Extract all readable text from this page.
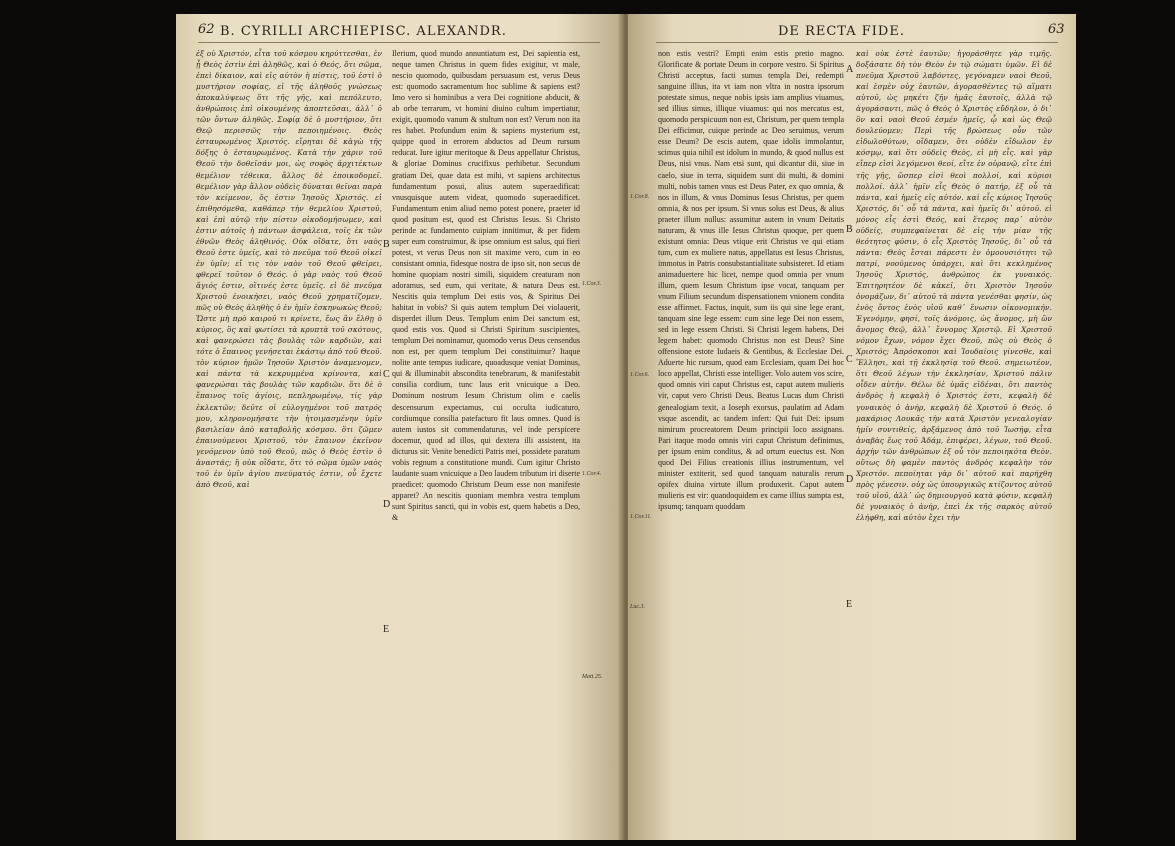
62 B. CYRILLI ARCHIEPISC. ALEXANDR.

ἐξ οὐ Χριστόν, εἶτα τοῦ κόσμου κηρύττεσθαι, ἐν ᾗ Θεὸς ἐστὶν ἐπὶ ἀληθῶς, καὶ ὁ Θεός, ὅτι σῶμα, ἐπεὶ δίκαιον, καὶ εἰς αὐτὸν ἡ πίστις, τοῦ ἐστὶ ὁ μυστήριον σοφίας, εἰ τῆς ἀληθοῦς γνώσεως ἀποκαλύψεως ὅτι τῆς γῆς, καὶ πεπόλευτο, ἀνθρώποις ἐπὶ οἰκουμένης ἀποπτεῦσαι, ἀλλ᾽ ὁ τῶν ὄντων ἀληθῶς. Σοφίᾳ δὲ ὁ μυστήριον, ὅτι Θεῷ περισσῶς τὴν πεποιημένοις. Θεὸς ἐσταυρωμένος Χριστός. εἴρηται δὲ κἀγὼ τῆς δόξης ὁ ἐσταυρωμένος. Κατὰ τὴν χάριν τοῦ Θεοῦ τὴν δοθεῖσάν μοι, ὡς σοφὸς ἀρχιτέκτων θεμέλιον τέθεικα, ἄλλος δὲ ἐποικοδομεῖ. θεμέλιον γὰρ ἄλλον οὐδεὶς δύναται θεῖναι παρὰ τὸν κείμενον, ὅς ἐστιν Ἰησοῦς Χριστός. εἰ ἐπιθησόμεθα, καθάπερ τὴν θεμελίου Χριστοῦ, καὶ ἐπὶ αὐτῷ τὴν πίστιν οἰκοδομήσωμεν, καὶ ἐστιν αὐτοῖς ἡ πάντων ἀσφάλεια, τοῖς ἐκ τῶν ἐθνῶν Θεὸς ἀληθινός. Οὐκ οἴδατε, ὅτι ναὸς Θεοῦ ἐστε ὑμεῖς, καὶ τὸ πνεῦμα τοῦ Θεοῦ οἰκεῖ ἐν ὑμῖν; εἴ τις τὸν ναὸν τοῦ Θεοῦ φθείρει, φθερεῖ τοῦτον ὁ Θεός. ὁ γὰρ ναὸς τοῦ Θεοῦ ἅγιός ἐστιν, οἵτινές ἐστε ὑμεῖς. εἰ δὲ πνεῦμα Χριστοῦ ἐνοικήσει, ναὸς Θεοῦ χρηματίζομεν, πῶς οὐ Θεὸς ἀληθὴς ὁ ἐν ἡμῖν ἐσκηνωκὼς Θεοῦ; Ὥστε μὴ πρὸ καιροῦ τι κρίνετε, ἕως ἂν ἔλθῃ ὁ κύριος, ὃς καὶ φωτίσει τὰ κρυπτὰ τοῦ σκότους, καὶ φανερώσει τὰς βουλὰς τῶν καρδιῶν, καὶ τότε ὁ ἔπαινος γενήσεται ἑκάστῳ ἀπὸ τοῦ Θεοῦ. τὸν κύριον ἡμῶν Ἰησοῦν Χριστὸν ἀναμενομεν, καὶ πάντα τὰ κεκρυμμένα κρίνοντα, καὶ φανερώσαι τὰς βουλὰς τῶν καρδιῶν. ὅτι δὲ ὁ ἔπαινος τοῖς ἁγίοις, πεπληρωμένῳ, τίς γὰρ ἐκλεκτῶν; δεῦτε οἱ εὐλογημένοι τοῦ πατρός μου, κληρονομήσατε τὴν ἡτοιμασμένην ὑμῖν βασιλείαν ἀπὸ καταβολῆς κόσμου. ὅτι ζῶμεν ἐπαινούμενοι Χριστοῦ, τὸν ἔπαινον ἐκεῖνον γενόμενον ὑπὸ τοῦ Θεοῦ, πῶς ὁ Θεὸς ἐστὶν ὁ ἀναστάς; ἢ οὐκ οἴδατε, ὅτι τὸ σῶμα ὑμῶν ναὸς τοῦ ἐν ὑμῖν ἁγίου πνεύματός ἐστιν, οὗ ἔχετε ἀπὸ Θεοῦ, καὶ

Ilerium, quod mundo annuntiatum est, Dei sapientia est, neque tamen Christus in quem fides exigitur, vt male, nescio quomodo, quibusdam persuasum est, verus Deus est: quomodo sacramentum hoc sublime & sapiens est? Imo vero si hominibus a vera Dei cognitione abducit, & ab orbe terrarum, vt homini diuino cultum impertiatur, exigit, quomodo vanum & stultum non est? Verum non ita res habet. Profundum enim & sapiens mysterium est, quippe quod in errorem abductos ad Deum rursum reducat. Iure igitur meritoque & Deus appellatur Christus, & gloriae Dominus crucifixus perhibetur. Secundum gratiam Dei, quae data est mihi, vt sapiens architectus fundamentum posui, alius autem superaedificat: vnusquisque autem videat, quomodo superaedificet. Fundamentum enim aliud nemo potest ponere, praeter id quod positum est, quod est Christus Iesus. Si Christo perinde ac fundamento cuipiam innitimur, & per fidem super eum construimur, & ipse omnium est salus, qui fieri potest, vt verus Deus non sit maxime vero, cum in eo consistant omnia, fidesque nostra de ipso sit, non secus de homine quopiam nostri simili, siquidem creaturam non adoramus, sed eum, qui veritate, & natura Deus est. Nescitis quia templum Dei estis vos, & Spiritus Dei habitat in vobis? Si quis autem templum Dei violauerit, disperdet illum Deus. Templum enim Dei sanctum est, quod estis vos. Quod si Christi Spiritum suscipientes, templum Dei nominamur, quomodo verus Deus censendus non est, per quem templum Dei constituimur? Itaque nolite ante tempus iudicare, quoadusque veniat Dominus, qui & illuminabit abscondita tenebrarum, & manifestabit consilia cordium, tunc laus erit vnicuique a Deo. Dominum nostrum Iesum Christum olim e caelis descensurum expectamus, cui occulta iudicaturo, cordiumque consilia patefacturo fit laus omnes. Quod is autem iustos sit commendaturus, vel inde perspicere docemur, quod ad illos, qui dextera illi assistent, ita dicturus sit: Venite benedicti Patris mei, possidete paratum vobis regnum a constitutione mundi. Cum igitur Christo laudante suam vnicuique a Deo laudem tributum iri diserte praedicet: quomodo Christum Deum esse non manifeste apparet? An nescitis quoniam membra vestra templum sunt Spiritus sancti, qui in vobis est, quem habetis a Deo, &

B
C
D
E
1.Cor.3.
1.Cor.4.
Matt.25.
DE RECTA FIDE.	63

non estis vestri? Empti enim estis pretio magno. Glorificate & portate Deum in corpore vestro. Si Spiritus Christi acceptus, facti sumus templa Dei, redempti sanguine illius, ita vt iam non vltra in nostra ipsorum potestate simus, neque nobis ipsis iam amplius viuamus, sed illius simus, illique viuamus: qui nos mercatus est, quomodo perspicuum non est, Christum, per quem templa Dei efficimur, cuique perinde ac Deo seruimus, verum esse Deum? De escis autem, quae idolis immolantur, scimus quia nihil est idolum in mundo, & quod nullus est Deus, nisi vnus. Nam etsi sunt, qui dicantur dii, siue in caelo, siue in terra, siquidem sunt dii multi, & domini multi, nobis tamen vnus est Deus Pater, ex quo omnia, & nos in illum, & vnus Dominus Iesus Christus, per quem omnia, & nos per ipsum. Si vnus solus est Deus, & alius praeter illum nullus: assumitur autem in vnum Deitatis naturam, & vnus ille Iesus Christus quoque, per quem existunt omnia: Deus vtique erit Christus ve qui etiam tum, cum ex muliere natus, appellatus est Iesus Christus, immotus in Patris consubstantialitate subsisteret. Id etiam animaduertere hic licet, nempe quod omnia per vnum illum, quem Iesum Christum ipse vocat, tanquam per vnum Filium secundum dispensationem vnionem condita esse affirmet. Factus, inquit, sum iis qui sine lege erant, tanquam sine lege essem: cum sine lege Dei non essem, sed in lege essem Christi. Si Christi legem habens, Dei legem habet: quomodo Christus non est Deus? Sine offensione estote Iudaeis & Gentibus, & Ecclesiae Dei. Aduerte hic rursum, quod eam Ecclesiam, quam Dei hoc loco appellat, Christi esse intelliger. Volo autem vos scire, quod omnis viri caput Christus est, caput autem mulieris vir, caput vero Christi Deus. Beatus Lucas dum Christi genealogiam texit, a Ioseph exorsus, paulatim ad Adam vsque ascendit, ac tandem infert: Qui fuit Dei: ipsum nimirum procreatorem Deum principii loco assignans. Pari itaque modo omnis viri caput Christum definimus, per ipsum enim conditus, & ad ortum euectus est. Non quod Dei Filius creationis illius instrumentum, vel minister extiterit, sed quod tanquam naturalis rerum opifex diuina virtute illum produxerit. Caput autem mulieris est vir: quandoquidem ex carne illius sumpta est, ipsumq; tanquam quoddam

καὶ οὐκ ἐστὲ ἑαυτῶν; ἠγοράσθητε γὰρ τιμῆς. δοξάσατε δὴ τὸν Θεὸν ἐν τῷ σώματι ὑμῶν. Εἰ δὲ πνεῦμα Χριστοῦ λαβόντες, γεγόναμεν ναοὶ Θεοῦ, καὶ ἐσμὲν οὐχ ἑαυτῶν, ἀγορασθέντες τῷ αἵματι αὐτοῦ, ὡς μηκέτι ζῆν ἡμᾶς ἑαυτοῖς, ἀλλὰ τῷ ἀγοράσαντι, πῶς ὁ Θεὸς ὁ Χριστὸς εὔδηλον, ὁ δι᾽ ὃν καὶ ναοὶ Θεοῦ ἐσμέν ἡμεῖς, ᾧ καὶ ὡς Θεῷ δουλεύομεν; Περὶ τῆς βρώσεως οὖν τῶν εἰδωλοθύτων, οἴδαμεν, ὅτι οὐδὲν εἴδωλον ἐν κόσμῳ, καὶ ὅτι οὐδεὶς Θεὸς, εἰ μὴ εἷς. καὶ γὰρ εἴπερ εἰσὶ λεγόμενοι θεοί, εἴτε ἐν οὐρανῷ, εἴτε ἐπὶ τῆς γῆς, ὥσπερ εἰσὶ θεοὶ πολλοί, καὶ κύριοι πολλοί. ἀλλ᾽ ἡμῖν εἷς Θεὸς ὁ πατήρ, ἐξ οὗ τὰ πάντα, καὶ ἡμεῖς εἰς αὐτόν. καὶ εἷς κύριος Ἰησοῦς Χριστός, δι᾽ οὗ τὰ πάντα, καὶ ἡμεῖς δι᾽ αὐτοῦ. εἰ μόνος εἷς ἐστὶ Θεός, καὶ ἕτερος παρ᾽ αὐτὸν οὐδείς, συμπεφαίνεται δὲ εἰς τὴν μίαν τῆς θεότητος φύσιν, ὁ εἷς Χριστὸς Ἰησοῦς, δι᾽ οὗ τὰ πάντα: Θεὸς ἔσται πάρεστι ἐν ὁμοουσιότητι τῷ πατρί, νοούμενος ὑπάρχει, καὶ ὅτι κεκλημένος Ἰησοῦς Χριστός, ἀνθρώπος ἐκ γυναικός. Ἐπιτηρητέον δὲ κἀκεῖ, ὅτι Χριστὸν Ἰησοῦν ὀνομάζων, δι᾽ αὐτοῦ τὰ πάντα γενέσθαι φησίν, ὡς ἑνὸς ὄντος ἐνὸς υἱοῦ καθ᾽ ἕνωσιν οἰκονομικήν. Ἐγενόμην, φησί, τοῖς ἀνόμοις, ὡς ἄνομος, μὴ ὢν ἄνομος Θεῷ, ἀλλ᾽ ἔννομος Χριστῷ. Εἰ Χριστοῦ νόμον ἔχων, νόμον ἔχει Θεοῦ, πῶς οὐ Θεὸς ὁ Χριστός; Ἀπρόσκοποι καὶ Ἰουδαίοις γίνεσθε, καὶ Ἕλλησι, καὶ τῇ ἐκκλησίᾳ τοῦ Θεοῦ. σημειωτέον, ὅτι Θεοῦ λέγων τὴν ἐκκλησίαν, Χριστοῦ πάλιν οἶδεν αὐτήν. Θέλω δὲ ὑμᾶς εἰδέναι, ὅτι παντὸς ἀνδρὸς ἡ κεφαλὴ ὁ Χριστός ἐστι, κεφαλὴ δὲ γυναικὸς ὁ ἀνήρ, κεφαλὴ δὲ Χριστοῦ ὁ Θεός. ὁ μακάριος Λουκᾶς τὴν κατὰ Χριστὸν γενεαλογίαν ἡμῖν συντιθείς, ἀρξάμενος ἀπὸ τοῦ Ἰωσήφ, εἶτα ἀναβὰς ἕως τοῦ Ἀδάμ, ἐπιφέρει, λέγων, τοῦ Θεοῦ. ἀρχὴν τῶν ἀνθρώπων ἐξ οὗ τὸν πεποιηκότα Θεὸν. οὕτως δὴ φαμὲν παντὸς ἀνδρὸς κεφαλὴν τὸν Χριστόν. πεποίηται γὰρ δι᾽ αὐτοῦ καὶ παρήχθη πρὸς γένεσιν. οὐχ ὡς ὑπουργικῶς κτίζοντος αὐτοῦ τοῦ υἱοῦ, ἀλλ᾽ ὡς δημιουργοῦ κατὰ φύσιν, κεφαλὴ δὲ γυναικὸς ὁ ἀνήρ, ἐπεὶ ἐκ τῆς σαρκὸς αὐτοῦ ἐλήφθη, καὶ αὐτὸν ἔχει τὴν

A
B
C
D
E
1.Cor.8.
1.Cor.6.
1.Cor.11.
Luc.3.
